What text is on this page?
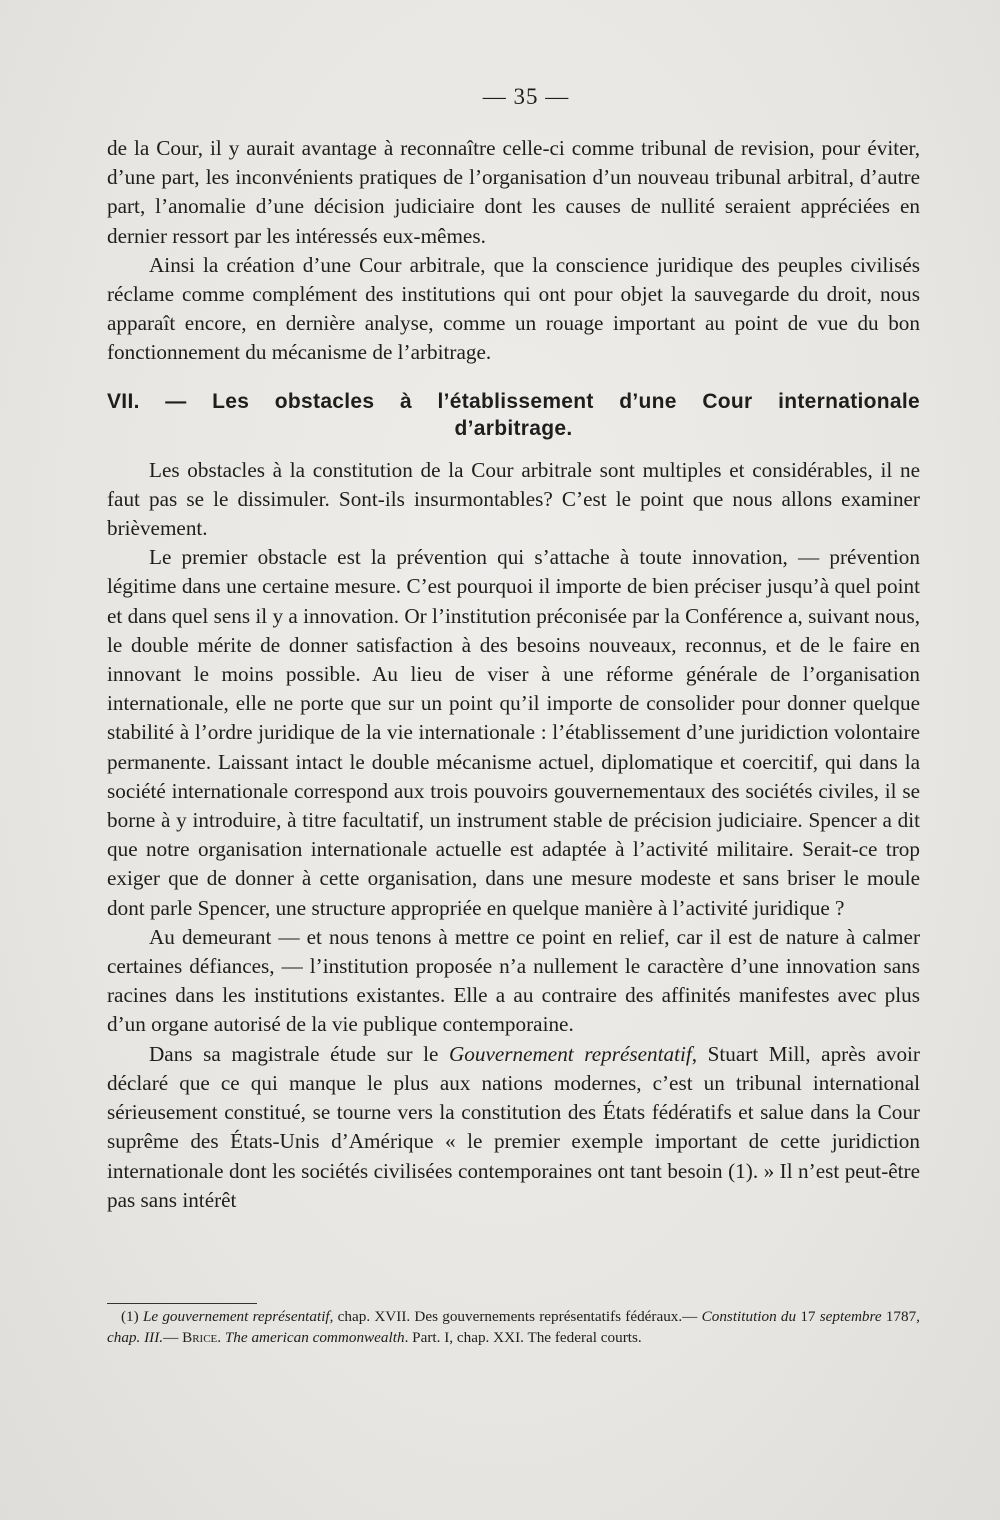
— 35 —

de la Cour, il y aurait avantage à reconnaître celle-ci comme tribunal de revision, pour éviter, d’une part, les inconvénients pratiques de l’organisation d’un nouveau tribunal arbitral, d’autre part, l’anomalie d’une décision judiciaire dont les causes de nullité seraient appréciées en dernier ressort par les intéressés eux-mêmes.

Ainsi la création d’une Cour arbitrale, que la conscience juridique des peuples civilisés réclame comme complément des institutions qui ont pour objet la sauvegarde du droit, nous apparaît encore, en dernière analyse, comme un rouage important au point de vue du bon fonctionnement du mécanisme de l’arbitrage.

VII. — Les obstacles à l’établissement d’une Cour internationale
d’arbitrage.

Les obstacles à la constitution de la Cour arbitrale sont multiples et considérables, il ne faut pas se le dissimuler. Sont-ils insurmontables? C’est le point que nous allons examiner brièvement.

Le premier obstacle est la prévention qui s’attache à toute innovation, — prévention légitime dans une certaine mesure. C’est pourquoi il importe de bien préciser jusqu’à quel point et dans quel sens il y a innovation. Or l’institution préconisée par la Conférence a, suivant nous, le double mérite de donner satisfaction à des besoins nouveaux, reconnus, et de le faire en innovant le moins possible. Au lieu de viser à une réforme générale de l’organisation internationale, elle ne porte que sur un point qu’il importe de consolider pour donner quelque stabilité à l’ordre juridique de la vie internationale : l’établissement d’une juridiction volontaire permanente. Laissant intact le double mécanisme actuel, diplomatique et coercitif, qui dans la société internationale correspond aux trois pouvoirs gouvernementaux des sociétés civiles, il se borne à y introduire, à titre facultatif, un instrument stable de précision judiciaire. Spencer a dit que notre organisation internationale actuelle est adaptée à l’activité militaire. Serait-ce trop exiger que de donner à cette organisation, dans une mesure modeste et sans briser le moule dont parle Spencer, une structure appropriée en quelque manière à l’activité juridique ?

Au demeurant — et nous tenons à mettre ce point en relief, car il est de nature à calmer certaines défiances, — l’institution proposée n’a nullement le caractère d’une innovation sans racines dans les institutions existantes. Elle a au contraire des affinités manifestes avec plus d’un organe autorisé de la vie publique contemporaine.

Dans sa magistrale étude sur le Gouvernement représentatif, Stuart Mill, après avoir déclaré que ce qui manque le plus aux nations modernes, c’est un tribunal international sérieusement constitué, se tourne vers la constitution des États fédératifs et salue dans la Cour suprême des États-Unis d’Amérique « le premier exemple important de cette juridiction internationale dont les sociétés civilisées contemporaines ont tant besoin (1). » Il n’est peut-être pas sans intérêt

(1) Le gouvernement représentatif, chap. XVII. Des gouvernements représentatifs fédéraux.— Constitution du 17 septembre 1787, chap. III.— Brice. The american commonwealth. Part. I, chap. XXI. The federal courts.
